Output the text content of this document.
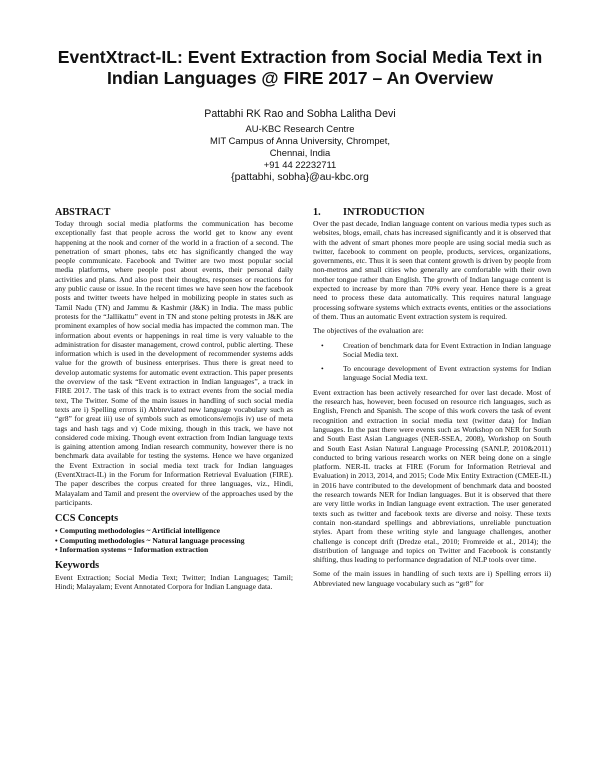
EventXtract-IL: Event Extraction from Social Media Text in Indian Languages @ FIRE 2017 – An Overview
Pattabhi RK Rao and Sobha Lalitha Devi
AU-KBC Research Centre
MIT Campus of Anna University, Chrompet,
Chennai, India
+91 44 22232711
{pattabhi, sobha}@au-kbc.org
ABSTRACT

Today through social media platforms the communication has become exceptionally fast that people across the world get to know any event happening at the nook and corner of the world in a fraction of a second. The penetration of smart phones, tabs etc has significantly changed the way people communicate. Facebook and Twitter are two most popular social media platforms, where people post about events, their personal daily activities and plans. And also post their thoughts, responses or reactions for any public cause or issue. In the recent times we have seen how the facebook posts and twitter tweets have helped in mobilizing people in states such as Tamil Nadu (TN) and Jammu & Kashmir (J&K) in India. The mass public protests for the “Jallikattu” event in TN and stone pelting protests in J&K are prominent examples of how social media has impacted the common man. The information about events or happenings in real time is very valuable to the administration for disaster management, crowd control, public alerting. These information which is used in the development of recommender systems adds value for the growth of business enterprises. Thus there is great need to develop automatic systems for automatic event extraction. This paper presents the overview of the task “Event extraction in Indian languages”, a track in FIRE 2017. The task of this track is to extract events from the social media text, The Twitter. Some of the main issues in handling of such social media texts are i) Spelling errors ii) Abbreviated new language vocabulary such as “gr8” for great iii) use of symbols such as emoticons/emojis iv) use of meta tags and hash tags and v) Code mixing, though in this track, we have not considered code mixing. Though event extraction from Indian language texts is gaining attention among Indian research community, however there is no benchmark data available for testing the systems. Hence we have organized the Event Extraction in social media text track for Indian languages (EventXtract-IL) in the Forum for Information Retrieval Evaluation (FIRE). The paper describes the corpus created for three languages, viz., Hindi, Malayalam and Tamil and present the overview of the approaches used by the participants.

CCS Concepts
• Computing methodologies ~ Artificial intelligence
• Computing methodologies ~ Natural language processing
• Information systems ~ Information extraction
Keywords

Event Extraction; Social Media Text; Twitter; Indian Languages; Tamil; Hindi; Malayalam; Event Annotated Corpora for Indian Language data.

1. INTRODUCTION

Over the past decade, Indian language content on various media types such as websites, blogs, email, chats has increased significantly and it is observed that with the advent of smart phones more people are using social media such as twitter, facebook to comment on people, products, services, organizations, governments, etc. Thus it is seen that content growth is driven by people from non-metros and small cities who generally are comfortable with their own mother tongue rather than English. The growth of Indian language content is expected to increase by more than 70% every year. Hence there is a great need to process these data automatically. This requires natural language processing software systems which extracts events, entities or the associations of them. Thus an automatic Event extraction system is required.

The objectives of the evaluation are:

• Creation of benchmark data for Event Extraction in Indian language Social Media text.
• To encourage development of Event extraction systems for Indian language Social Media text.

Event extraction has been actively researched for over last decade. Most of the research has, however, been focused on resource rich languages, such as English, French and Spanish. The scope of this work covers the task of event recognition and extraction in social media text (twitter data) for Indian languages. In the past there were events such as Workshop on NER for South and South East Asian Languages (NER-SSEA, 2008), Workshop on South and South East Asian Natural Language Processing (SANLP, 2010&2011) conducted to bring various research works on NER being done on a single platform. NER-IL tracks at FIRE (Forum for Information Retrieval and Evaluation) in 2013, 2014, and 2015; Code Mix Entity Extraction (CMEE-IL) in 2016 have contributed to the development of benchmark data and boosted the research towards NER for Indian languages. But it is observed that there are very little works in Indian language event extraction. The user generated texts such as twitter and facebook texts are diverse and noisy. These texts contain non-standard spellings and abbreviations, unreliable punctuation styles. Apart from these writing style and language challenges, another challenge is concept drift (Dredze etal., 2010; Fromreide et al., 2014); the distribution of language and topics on Twitter and Facebook is constantly shifting, thus leading to performance degradation of NLP tools over time.

Some of the main issues in handling of such texts are i) Spelling errors ii) Abbreviated new language vocabulary such as “gr8” for
